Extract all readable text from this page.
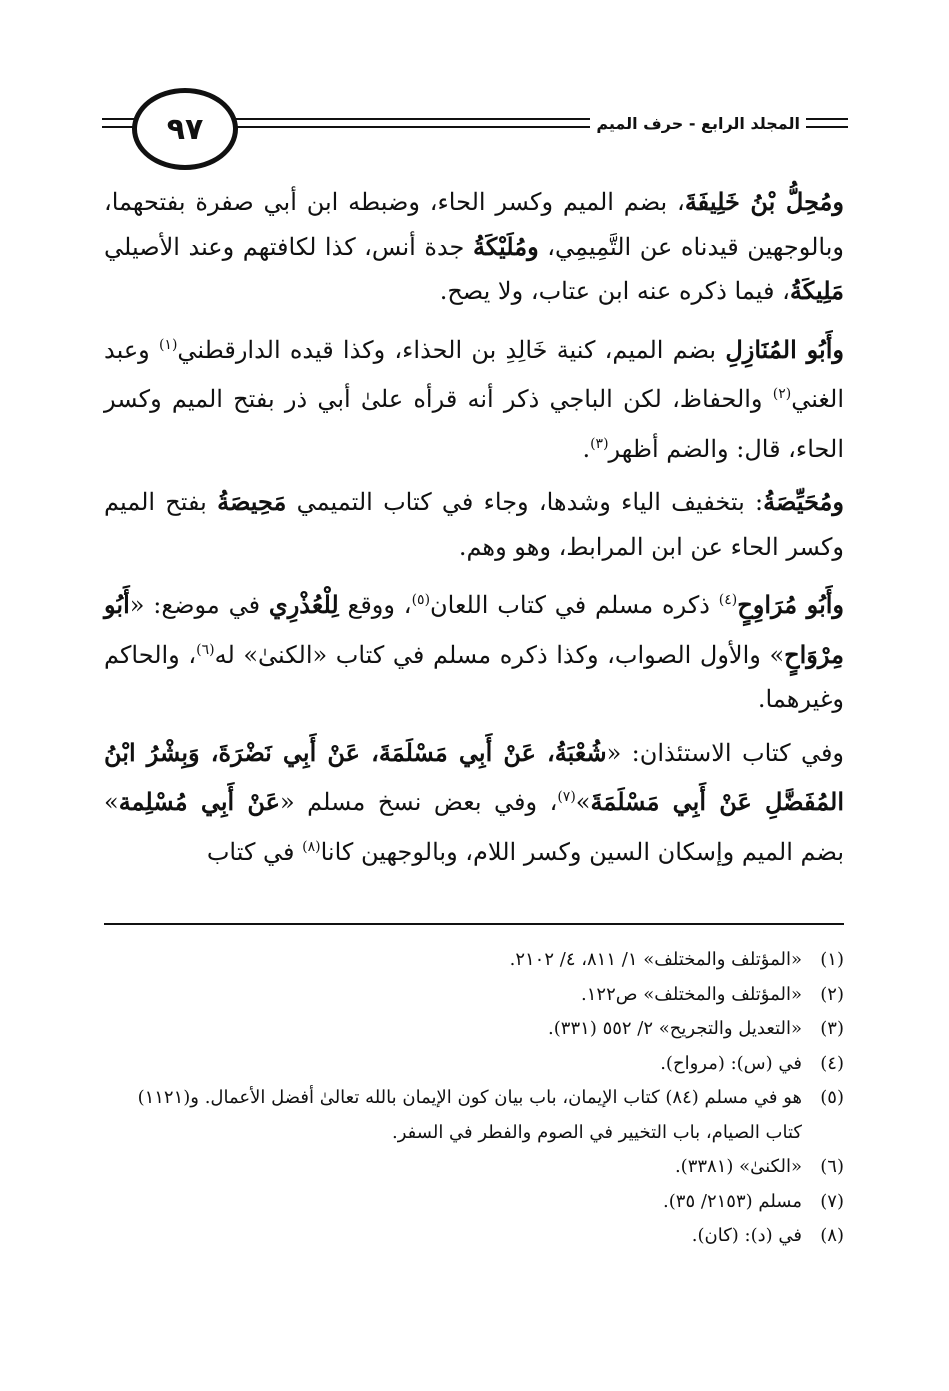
٩٧	المجلد الرابع - حرف الميم

ومُحِلُّ بْنُ خَلِيفَةَ، بضم الميم وكسر الحاء، وضبطه ابن أبي صفرة بفتحهما، وبالوجهين قيدناه عن التَّمِيمِي، ومُلَيْكَةُ جدة أنس، كذا لكافتهم وعند الأصيلي مَلِيكَةُ، فيما ذكره عنه ابن عتاب، ولا يصح.

وأَبُو المُنَازِلِ بضم الميم، كنية خَالِدِ بن الحذاء، وكذا قيده الدارقطني$^{(١)}$ وعبد الغني$^{(٢)}$ والحفاظ، لكن الباجي ذكر أنه قرأه علىٰ أبي ذر بفتح الميم وكسر الحاء، قال: والضم أظهر$^{(٣)}$.

ومُحَيِّصَةُ: بتخفيف الياء وشدها، وجاء في كتاب التميمي مَحِيصَةُ بفتح الميم وكسر الحاء عن ابن المرابط، وهو وهم.

وأَبُو مُرَاوِحٍ$^{(٤)}$ ذكره مسلم في كتاب اللعان$^{(٥)}$، ووقع لِلْعُذْرِي في موضع: «أَبُو مِرْوَاحٍ» والأول الصواب، وكذا ذكره مسلم في كتاب «الكنىٰ» له$^{(٦)}$، والحاكم وغيرهما.

وفي كتاب الاستئذان: «شُعْبَةُ، عَنْ أَبِي مَسْلَمَةَ، عَنْ أَبِي نَضْرَةَ، وَبِشْرُ ابْنُ المُفَضَّلِ عَنْ أَبِي مَسْلَمَةَ»$^{(٧)}$، وفي بعض نسخ مسلم «عَنْ أَبِي مُسْلِمة» بضم الميم وإسكان السين وكسر اللام، وبالوجهين كانا$^{(٨)}$ في كتاب

(١)
«المؤتلف والمختلف» ١/ ٨١١، ٤/ ٢١٠٢.
(٢)
«المؤتلف والمختلف» ص١٢٢.
(٣)
«التعديل والتجريح» ٢/ ٥٥٢ (٣٣١).
(٤)
في (س): (مرواح).
(٥)
هو في مسلم (٨٤) كتاب الإيمان، باب بيان كون الإيمان بالله تعالىٰ أفضل الأعمال. و(١١٢١) كتاب الصيام، باب التخيير في الصوم والفطر في السفر.
(٦)
«الكنىٰ» (٣٣٨١).
(٧)
مسلم (٢١٥٣/ ٣٥).
(٨)
في (د): (كان).
